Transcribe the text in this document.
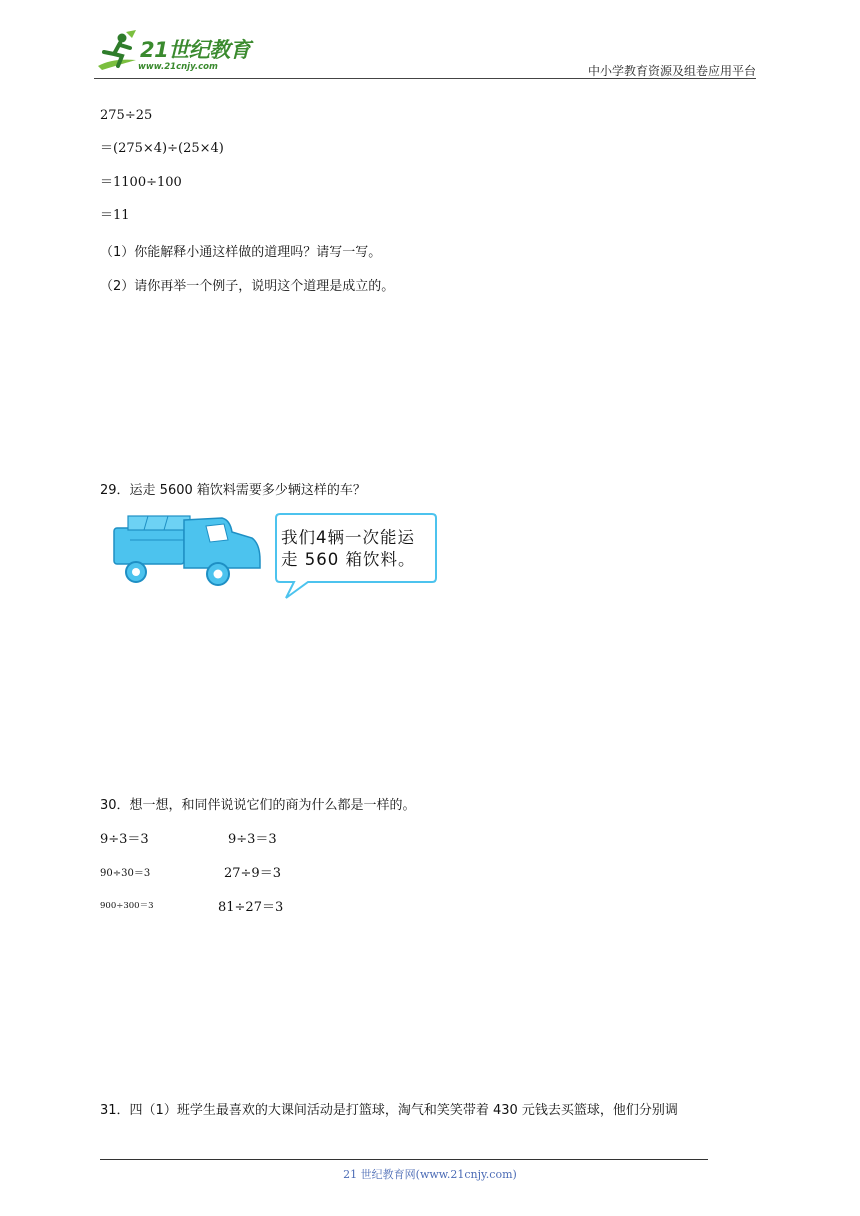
21世纪教育
www.21cnjy.com	中小学教育资源及组卷应用平台
275÷25
＝(275×4)÷(25×4)
＝1100÷100
＝11
（1）你能解释小通这样做的道理吗？请写一写。
（2）请你再举一个例子，说明这个道理是成立的。
29．运走 5600 箱饮料需要多少辆这样的车？
我们4辆一次能运
走 560 箱饮料。
30．想一想，和同伴说说它们的商为什么都是一样的。
9÷3＝3
90÷30＝3
900÷300＝3
9÷3＝3
27÷9＝3
81÷27＝3
31．四（1）班学生最喜欢的大课间活动是打篮球，淘气和笑笑带着 430 元钱去买篮球，他们分别调
21 世纪教育网(www.21cnjy.com)
